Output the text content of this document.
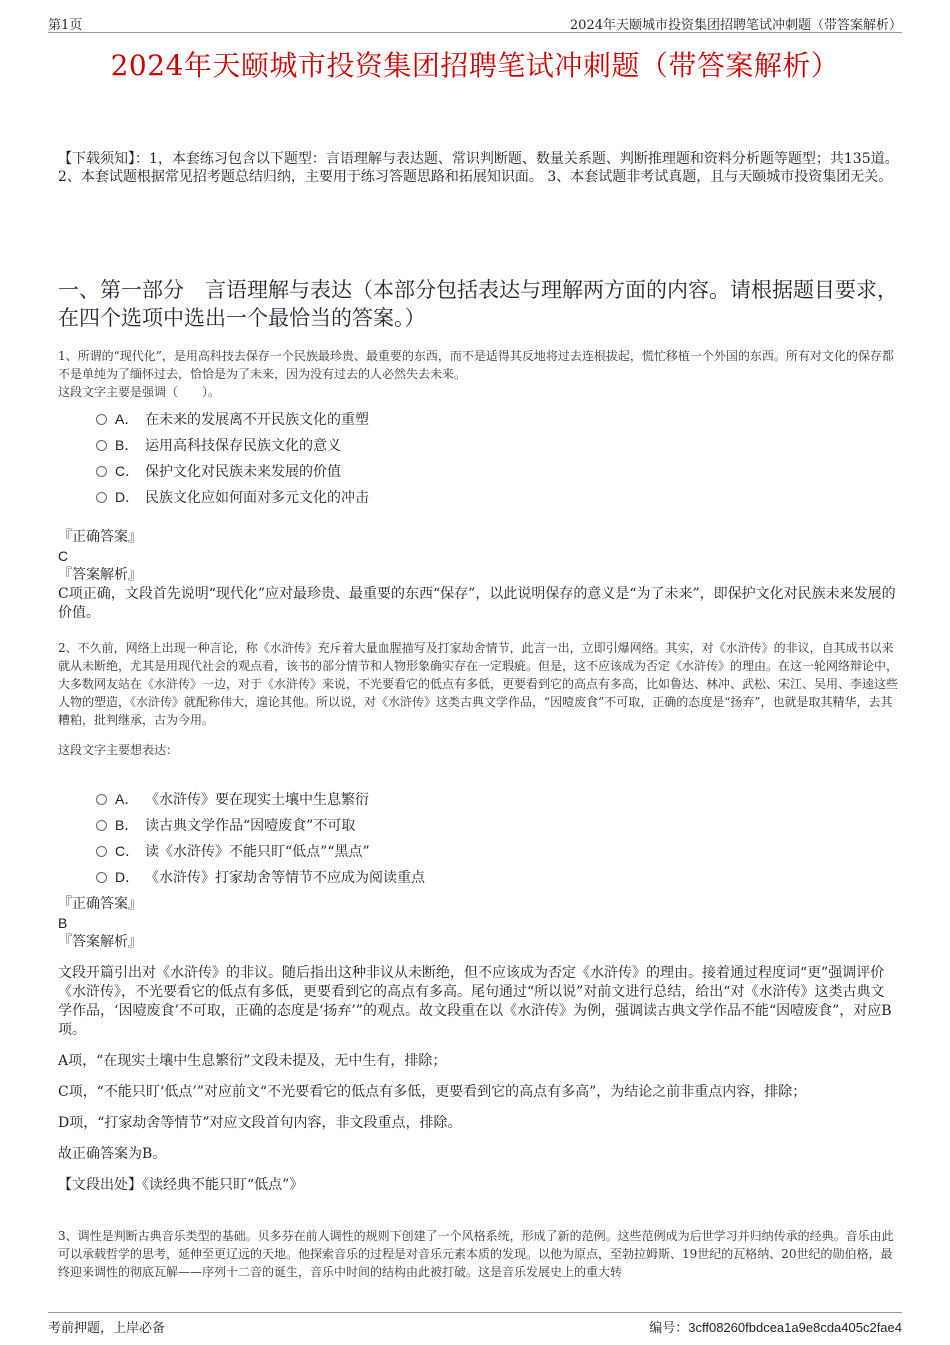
第1页	2024年天颐城市投资集团招聘笔试冲刺题（带答案解析）
2024年天颐城市投资集团招聘笔试冲刺题（带答案解析）
【下载须知】：1，本套练习包含以下题型：言语理解与表达题、常识判断题、数量关系题、判断推理题和资料分析题等题型；共135道。 2、本套试题根据常见招考题总结归纳，主要用于练习答题思路和拓展知识面。 3、本套试题非考试真题，且与天颐城市投资集团无关。
一、第一部分　言语理解与表达（本部分包括表达与理解两方面的内容。请根据题目要求，在四个选项中选出一个最恰当的答案。）

1、所谓的“现代化”，是用高科技去保存一个民族最珍贵、最重要的东西，而不是适得其反地将过去连根拔起，慌忙移植一个外国的东西。所有对文化的保存都不是单纯为了缅怀过去，恰恰是为了未来，因为没有过去的人必然失去未来。

这段文字主要是强调（　　）。

A． 在未来的发展离不开民族文化的重塑
B． 运用高科技保存民族文化的意义
C． 保护文化对民族未来发展的价值
D． 民族文化应如何面对多元文化的冲击

『正确答案』

C

『答案解析』

C项正确，文段首先说明“现代化”应对最珍贵、最重要的东西“保存”，以此说明保存的意义是“为了未来”，即保护文化对民族未来发展的价值。

2、不久前，网络上出现一种言论，称《水浒传》充斥着大量血腥描写及打家劫舍情节，此言一出，立即引爆网络。其实，对《水浒传》的非议，自其成书以来就从未断绝，尤其是用现代社会的观点看，该书的部分情节和人物形象确实存在一定瑕疵。但是，这不应该成为否定《水浒传》的理由。在这一轮网络辩论中，大多数网友站在《水浒传》一边，对于《水浒传》来说，不光要看它的低点有多低，更要看到它的高点有多高，比如鲁达、林冲、武松、宋江、吴用、李逵这些人物的塑造，《水浒传》就配称伟大，遑论其他。所以说，对《水浒传》这类古典文学作品，“因噎废食”不可取，正确的态度是“扬弃”，也就是取其精华，去其糟粕，批判继承，古为今用。

这段文字主要想表达：

A． 《水浒传》要在现实土壤中生息繁衍
B． 读古典文学作品“因噎废食”不可取
C． 读《水浒传》不能只盯“低点”“黑点”
D． 《水浒传》打家劫舍等情节不应成为阅读重点

『正确答案』

B

『答案解析』

文段开篇引出对《水浒传》的非议。随后指出这种非议从未断绝，但不应该成为否定《水浒传》的理由。接着通过程度词“更”强调评价《水浒传》，不光要看它的低点有多低，更要看到它的高点有多高。尾句通过“所以说”对前文进行总结，给出“对《水浒传》这类古典文学作品，‘因噎废食’不可取，正确的态度是‘扬弃’”的观点。故文段重在以《水浒传》为例，强调读古典文学作品不能“因噎废食”，对应B项。

A项，“在现实土壤中生息繁衍”文段未提及，无中生有，排除；

C项，“不能只盯‘低点’”对应前文“不光要看它的低点有多低，更要看到它的高点有多高”，为结论之前非重点内容，排除；

D项，“打家劫舍等情节”对应文段首句内容，非文段重点，排除。

故正确答案为B。

【文段出处】《读经典不能只盯“低点”》

3、调性是判断古典音乐类型的基础。贝多芬在前人调性的规则下创建了一个风格系统，形成了新的范例。这些范例成为后世学习并归纳传承的经典。音乐由此可以承载哲学的思考，延伸至更辽远的天地。他探索音乐的过程是对音乐元素本质的发现。以他为原点，至勃拉姆斯、19世纪的瓦格纳、20世纪的勋伯格，最终迎来调性的彻底瓦解——序列十二音的诞生，音乐中时间的结构由此被打破。这是音乐发展史上的重大转

考前押题，上岸必备	编号：3cff08260fbdcea1a9e8cda405c2fae4
